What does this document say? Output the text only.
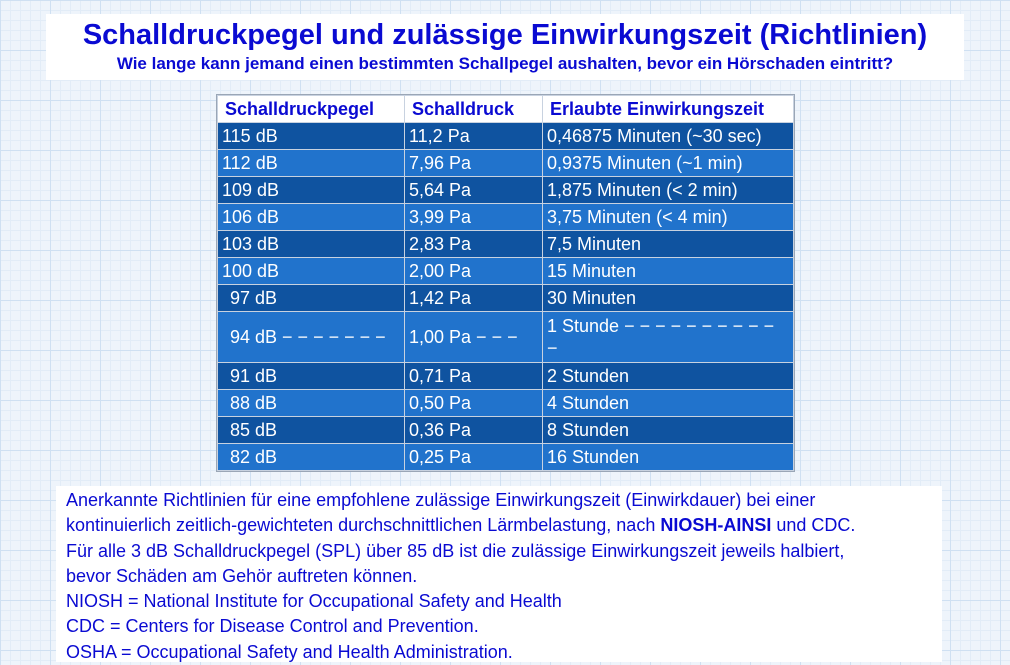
Schalldruckpegel und zulässige Einwirkungszeit (Richtlinien)
Wie lange kann jemand einen bestimmten Schallpegel aushalten, bevor ein Hörschaden eintritt?
Schalldruckpegel	Schalldruck	Erlaubte Einwirkungszeit
115 dB	11,2 Pa	0,46875 Minuten (~30 sec)
112 dB	7,96 Pa	0,9375 Minuten (~1 min)
109 dB	5,64 Pa	1,875 Minuten (< 2 min)
106 dB	3,99 Pa	3,75 Minuten (< 4 min)
103 dB	2,83 Pa	7,5 Minuten
100 dB	2,00 Pa	15 Minuten
97 dB	1,42 Pa	30 Minuten
94 dB − − − − − − −	1,00 Pa − − −	1 Stunde − − − − − − − − − − −
91 dB	0,71 Pa	2 Stunden
88 dB	0,50 Pa	4 Stunden
85 dB	0,36 Pa	8 Stunden
82 dB	0,25 Pa	16 Stunden

Anerkannte Richtlinien für eine empfohlene zulässige Einwirkungszeit (Einwirkdauer) bei einer

kontinuierlich zeitlich-gewichteten durchschnittlichen Lärmbelastung, nach NIOSH-AINSI und CDC.

Für alle 3 dB Schalldruckpegel (SPL) über 85 dB ist die zulässige Einwirkungszeit jeweils halbiert,

bevor Schäden am Gehör auftreten können.

NIOSH = National Institute for Occupational Safety and Health

CDC = Centers for Disease Control and Prevention.

OSHA = Occupational Safety and Health Administration.
